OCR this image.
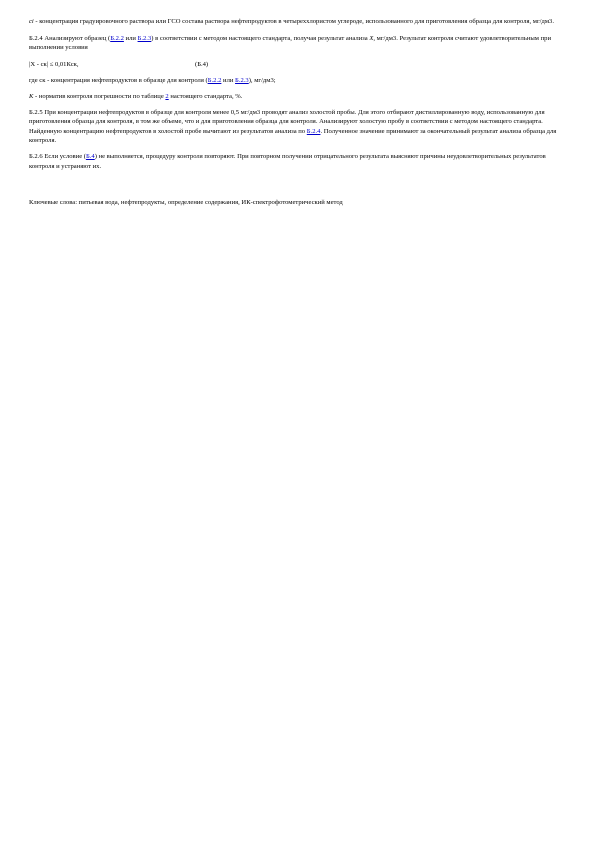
ci - концентрация градуировочного раствора или ГСО состава раствора нефтепродуктов в четыреххлористом углероде, использованного для приготовления образца для контроля, мг/дм3.

Б.2.4 Анализируют образец (Б.2.2 или Б.2.3) в соответствии с методом настоящего стандарта, получая результат анализа X, мг/дм3. Результат контроля считают удовлетворительным при выполнении условия

|X - ск| ≤ 0,01Кск,	(Б.4)

где ск - концентрация нефтепродуктов в образце для контроля (Б.2.2 или Б.2.3), мг/дм3;

K - норматив контроля погрешности по таблице 2 настоящего стандарта, %.

Б.2.5 При концентрации нефтепродуктов в образце для контроля менее 0,5 мг/дм3 проводят анализ холостой пробы. Для этого отбирают дистиллированную воду, использованную для приготовления образца для контроля, в том же объеме, что и для приготовления образца для контроля. Анализируют холостую пробу в соответствии с методом настоящего стандарта. Найденную концентрацию нефтепродуктов в холостой пробе вычитают из результатов анализа по Б.2.4. Полученное значение принимают за окончательный результат анализа образца для контроля.

Б.2.6 Если условие (Б.4) не выполняется, процедуру контроля повторяют. При повторном получении отрицательного результата выясняют причины неудовлетворительных результатов контроля и устраняют их.

Ключевые слова: питьевая вода, нефтепродукты, определение содержания, ИК-спектрофотометрический метод
